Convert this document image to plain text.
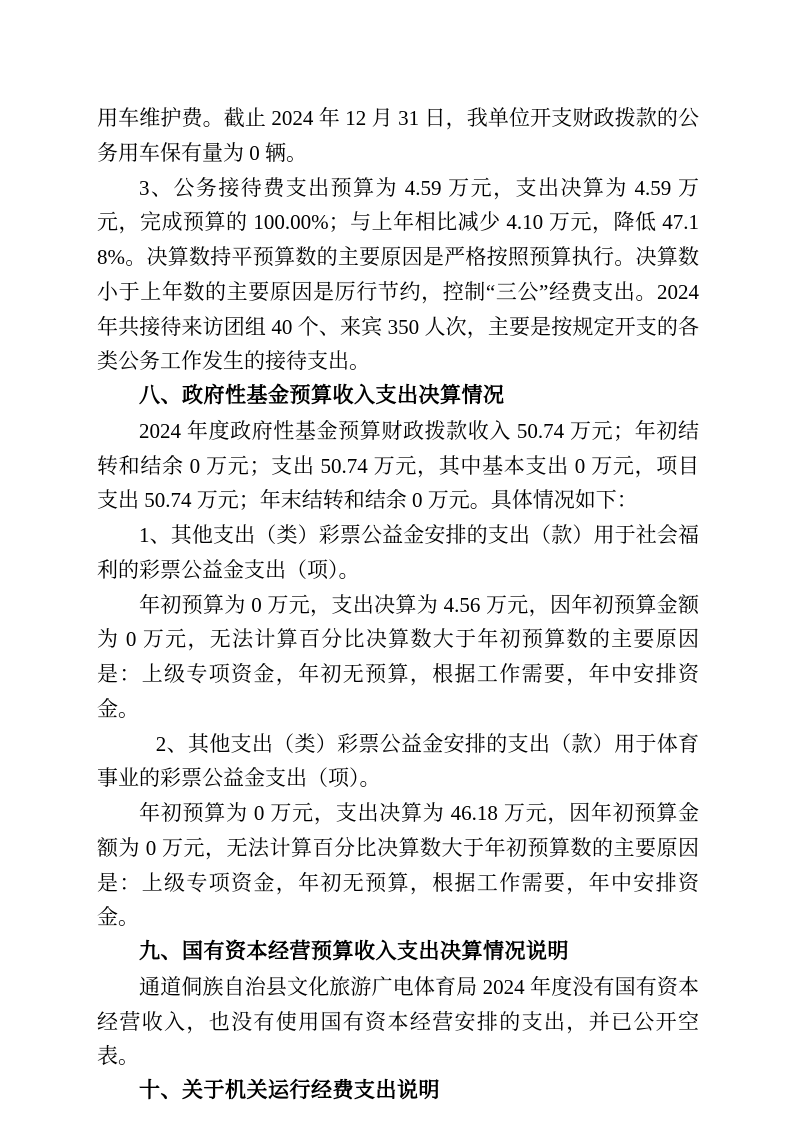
用车维护费。截止 2024 年 12 月 31 日，我单位开支财政拨款的公务用车保有量为 0 辆。

3、公务接待费支出预算为 4.59 万元，支出决算为 4.59 万元，完成预算的 100.00%；与上年相比减少 4.10 万元，降低 47.18%。决算数持平预算数的主要原因是严格按照预算执行。决算数小于上年数的主要原因是厉行节约，控制“三公”经费支出。2024 年共接待来访团组 40 个、来宾 350 人次，主要是按规定开支的各类公务工作发生的接待支出。

八、政府性基金预算收入支出决算情况

2024 年度政府性基金预算财政拨款收入 50.74 万元；年初结转和结余 0 万元；支出 50.74 万元，其中基本支出 0 万元，项目支出 50.74 万元；年末结转和结余 0 万元。具体情况如下：

1、其他支出（类）彩票公益金安排的支出（款）用于社会福利的彩票公益金支出（项）。

年初预算为 0 万元，支出决算为 4.56 万元，因年初预算金额为 0 万元，无法计算百分比决算数大于年初预算数的主要原因是：上级专项资金，年初无预算，根据工作需要，年中安排资金。

2、其他支出（类）彩票公益金安排的支出（款）用于体育事业的彩票公益金支出（项）。

年初预算为 0 万元，支出决算为 46.18 万元，因年初预算金额为 0 万元，无法计算百分比决算数大于年初预算数的主要原因是：上级专项资金，年初无预算，根据工作需要，年中安排资金。

九、国有资本经营预算收入支出决算情况说明

通道侗族自治县文化旅游广电体育局 2024 年度没有国有资本经营收入，也没有使用国有资本经营安排的支出，并已公开空表。

十、关于机关运行经费支出说明
